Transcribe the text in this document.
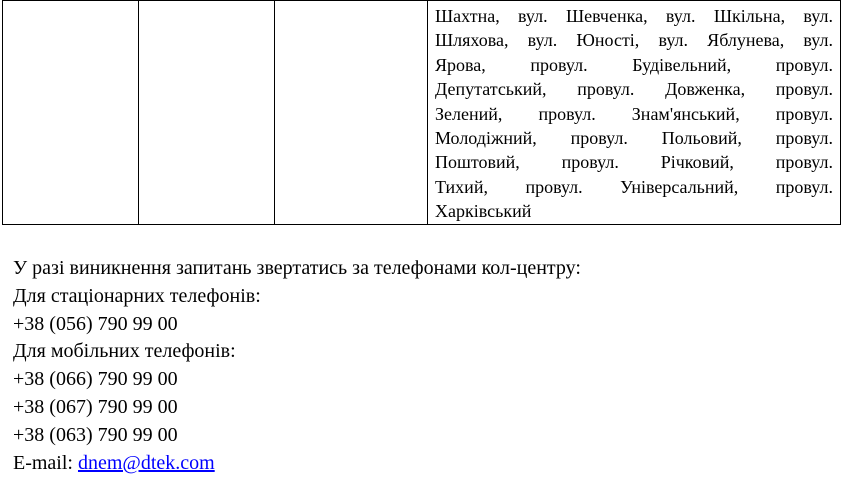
Шахтна, вул. Шевченка, вул. Шкільна, вул.
Шляхова, вул. Юності, вул. Яблунева, вул.
Ярова, провул. Будівельний, провул.
Депутатський, провул. Довженка, провул.
Зелений, провул. Знам'янський, провул.
Молодіжний, провул. Польовий, провул.
Поштовий, провул. Річковий, провул.
Тихий, провул. Універсальний, провул.
Харківський
У разі виникнення запитань звертатись за телефонами кол-центру:
Для стаціонарних телефонів:
+38 (056) 790 99 00
Для мобільних телефонів:
+38 (066) 790 99 00
+38 (067) 790 99 00
+38 (063) 790 99 00
E-mail: dnem@dtek.com
